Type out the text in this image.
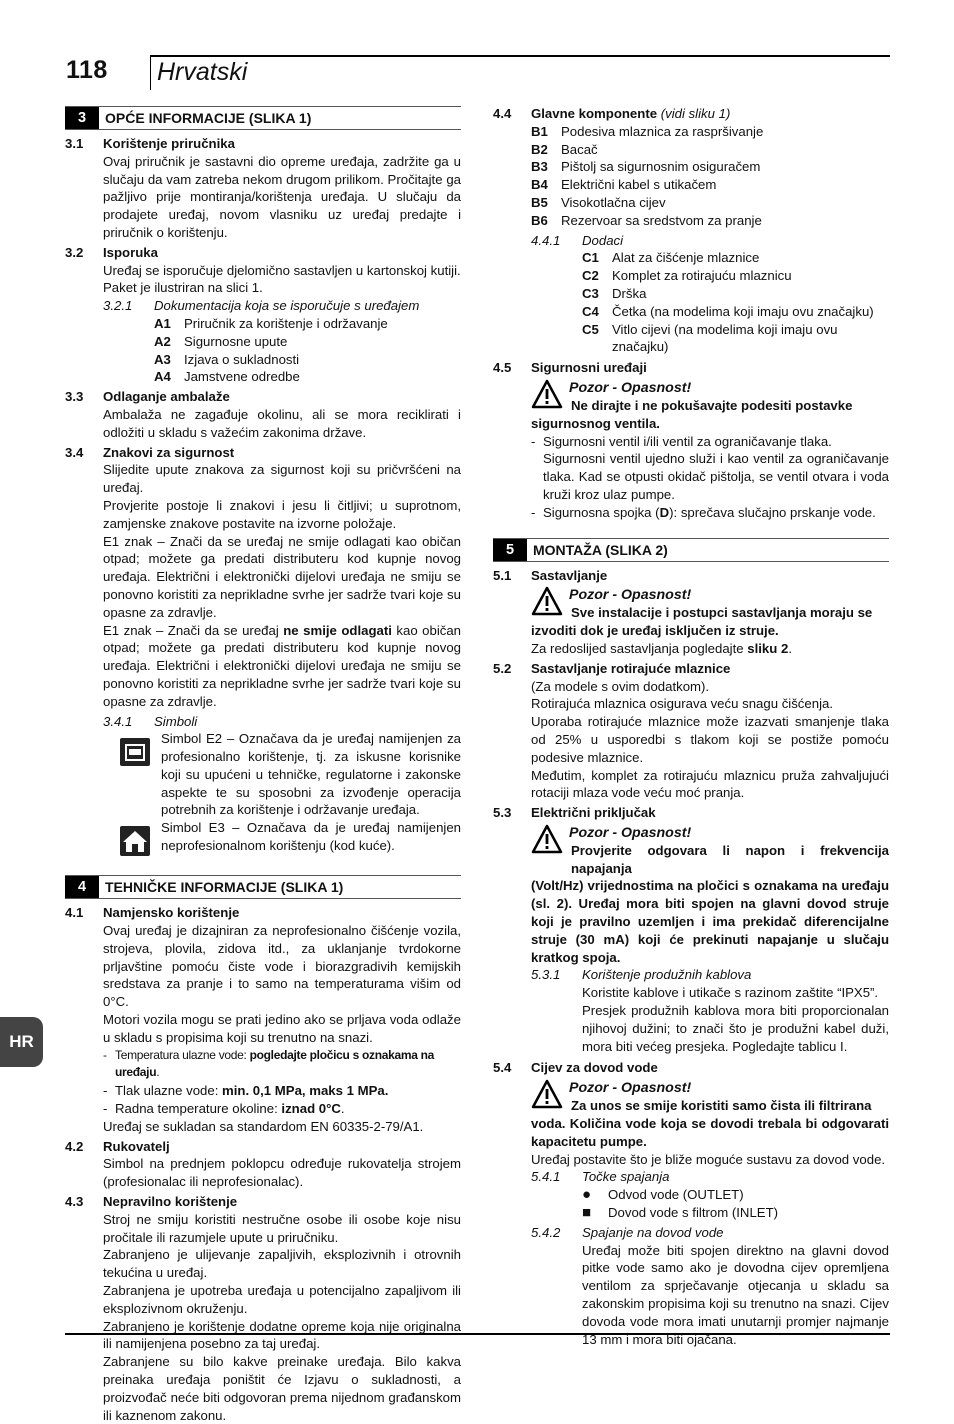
118 Hrvatski
HR
3	OPĆE INFORMACIJE (SLIKA 1)
3.1	Korištenje priručnika

Ovaj priručnik je sastavni dio opreme uređaja, zadržite ga u slučaju da vam zatreba nekom drugom prilikom. Pročitajte ga pažljivo prije montiranja/korištenja uređaja. U slučaju da prodajete uređaj, novom vlasniku uz uređaj predajte i priručnik o korištenju.

3.2	Isporuka

Uređaj se isporučuje djelomično sastavljen u kartonskoj kutiji.

Paket je ilustriran na slici 1.

3.2.1	Dokumentacija koja se isporučuje s uređajem
A1 Priručnik za korištenje i održavanje
A2 Sigurnosne upute
A3 Izjava o sukladnosti
A4 Jamstvene odredbe
3.3	Odlaganje ambalaže

Ambalaža ne zagađuje okolinu, ali se mora reciklirati i odložiti u skladu s važećim zakonima države.

3.4	Znakovi za sigurnost

Slijedite upute znakova za sigurnost koji su pričvršćeni na uređaj.

Provjerite postoje li znakovi i jesu li čitljivi; u suprotnom, zamjenske znakove postavite na izvorne položaje.

E1 znak – Znači da se uređaj ne smije odlagati kao običan otpad; možete ga predati distributeru kod kupnje novog uređaja. Električni i elektronički dijelovi uređaja ne smiju se ponovno koristiti za neprikladne svrhe jer sadrže tvari koje su opasne za zdravlje.

E1 znak – Znači da se uređaj ne smije odlagati kao običan otpad; možete ga predati distributeru kod kupnje novog uređaja. Električni i elektronički dijelovi uređaja ne smiju se ponovno koristiti za neprikladne svrhe jer sadrže tvari koje su opasne za zdravlje.

3.4.1	Simboli

Simbol E2 – Označava da je uređaj namijenjen za profesionalno korištenje, tj. za iskusne korisnike koji su upućeni u tehničke, regulatorne i zakonske aspekte te su sposobni za izvođenje operacija potrebnih za korištenje i održavanje uređaja.

Simbol E3 – Označava da je uređaj namijenjen neprofesionalnom korištenju (kod kuće).

4	TEHNIČKE INFORMACIJE (SLIKA 1)
4.1	Namjensko korištenje

Ovaj uređaj je dizajniran za neprofesionalno čišćenje vozila, strojeva, plovila, zidova itd., za uklanjanje tvrdokorne prljavštine pomoću čiste vode i biorazgradivih kemijskih sredstava za pranje i to samo na temperaturama višim od 0°C.

Motori vozila mogu se prati jedino ako se prljava voda odlaže u skladu s propisima koji su trenutno na snazi.

- Temperatura ulazne vode: pogledajte pločicu s oznakama na uređaju.
- Tlak ulazne vode: min. 0,1 MPa, maks 1 MPa.
- Radna temperature okoline: iznad 0°C.

Uređaj se sukladan sa standardom EN 60335-2-79/A1.

4.2	Rukovatelj

Simbol na prednjem poklopcu određuje rukovatelja strojem (profesionalac ili neprofesionalac).

4.3	Nepravilno korištenje

Stroj ne smiju koristiti nestručne osobe ili osobe koje nisu pročitale ili razumjele upute u priručniku.

Zabranjeno je ulijevanje zapaljivih, eksplozivnih i otrovnih tekućina u uređaj.

Zabranjena je upotreba uređaja u potencijalno zapaljivom ili eksplozivnom okruženju.

Zabranjeno je korištenje dodatne opreme koja nije originalna ili namijenjena posebno za taj uređaj.

Zabranjene su bilo kakve preinake uređaja. Bilo kakva preinaka uređaja poništit će Izjavu o sukladnosti, a proizvođač neće biti odgovoran prema nijednom građanskom ili kaznenom zakonu.

4.4	Glavne komponente (vidi sliku 1)
B1 Podesiva mlaznica za raspršivanje
B2 Bacač
B3 Pištolj sa sigurnosnim osiguračem
B4 Električni kabel s utikačem
B5 Visokotlačna cijev
B6 Rezervoar sa sredstvom za pranje
4.4.1	Dodaci
C1 Alat za čišćenje mlaznice
C2 Komplet za rotirajuću mlaznicu
C3 Drška
C4 Četka (na modelima koji imaju ovu značajku)
C5 Vitlo cijevi (na modelima koji imaju ovu značajku)
4.5	Sigurnosni uređaji
Pozor - Opasnost!
Ne dirajte i ne pokušavajte podesiti postavke
sigurnosnog ventila.
- Sigurnosni ventil i/ili ventil za ograničavanje tlaka.

Sigurnosni ventil ujedno služi i kao ventil za ograničavanje tlaka. Kad se otpusti okidač pištolja, se ventil otvara i voda kruži kroz ulaz pumpe.

- Sigurnosna spojka (D): sprečava slučajno prskanje vode.
5	MONTAŽA (SLIKA 2)
5.1	Sastavljanje
Pozor - Opasnost!
Sve instalacije i postupci sastavljanja moraju se
izvoditi dok je uređaj isključen iz struje.

Za redoslijed sastavljanja pogledajte sliku 2.

5.2	Sastavljanje rotirajuće mlaznice

(Za modele s ovim dodatkom).

Rotirajuća mlaznica osigurava veću snagu čišćenja.

Uporaba rotirajuće mlaznice može izazvati smanjenje tlaka od 25% u usporedbi s tlakom koji se postiže pomoću podesive mlaznice.

Međutim, komplet za rotirajuću mlaznicu pruža zahvaljujući rotaciji mlaza vode veću moć pranja.

5.3	Električni priključak
Pozor - Opasnost!
Provjerite odgovara li napon i frekvencija napajanja
(Volt/Hz) vrijednostima na pločici s oznakama na uređaju (sl. 2). Uređaj mora biti spojen na glavni dovod struje koji je pravilno uzemljen i ima prekidač diferencijalne struje (30 mA) koji će prekinuti napajanje u slučaju kratkog spoja.
5.3.1	Korištenje produžnih kablova

Koristite kablove i utikače s razinom zaštite “IPX5”.

Presjek produžnih kablova mora biti proporcionalan njihovoj dužini; to znači što je produžni kabel duži, mora biti većeg presjeka. Pogledajte tablicu I.

5.4	Cijev za dovod vode
Pozor - Opasnost!
Za unos se smije koristiti samo čista ili filtrirana
voda. Količina vode koja se dovodi trebala bi odgovarati kapacitetu pumpe.

Uređaj postavite što je bliže moguće sustavu za dovod vode.

5.4.1	Točke spajanja
●	Odvod vode (OUTLET)
■	Dovod vode s filtrom (INLET)
5.4.2	Spajanje na dovod vode

Uređaj može biti spojen direktno na glavni dovod pitke vode samo ako je dovodna cijev opremljena ventilom za sprječavanje otjecanja u skladu sa zakonskim propisima koji su trenutno na snazi. Cijev dovoda vode mora imati unutarnji promjer najmanje 13 mm i mora biti ojačana.
